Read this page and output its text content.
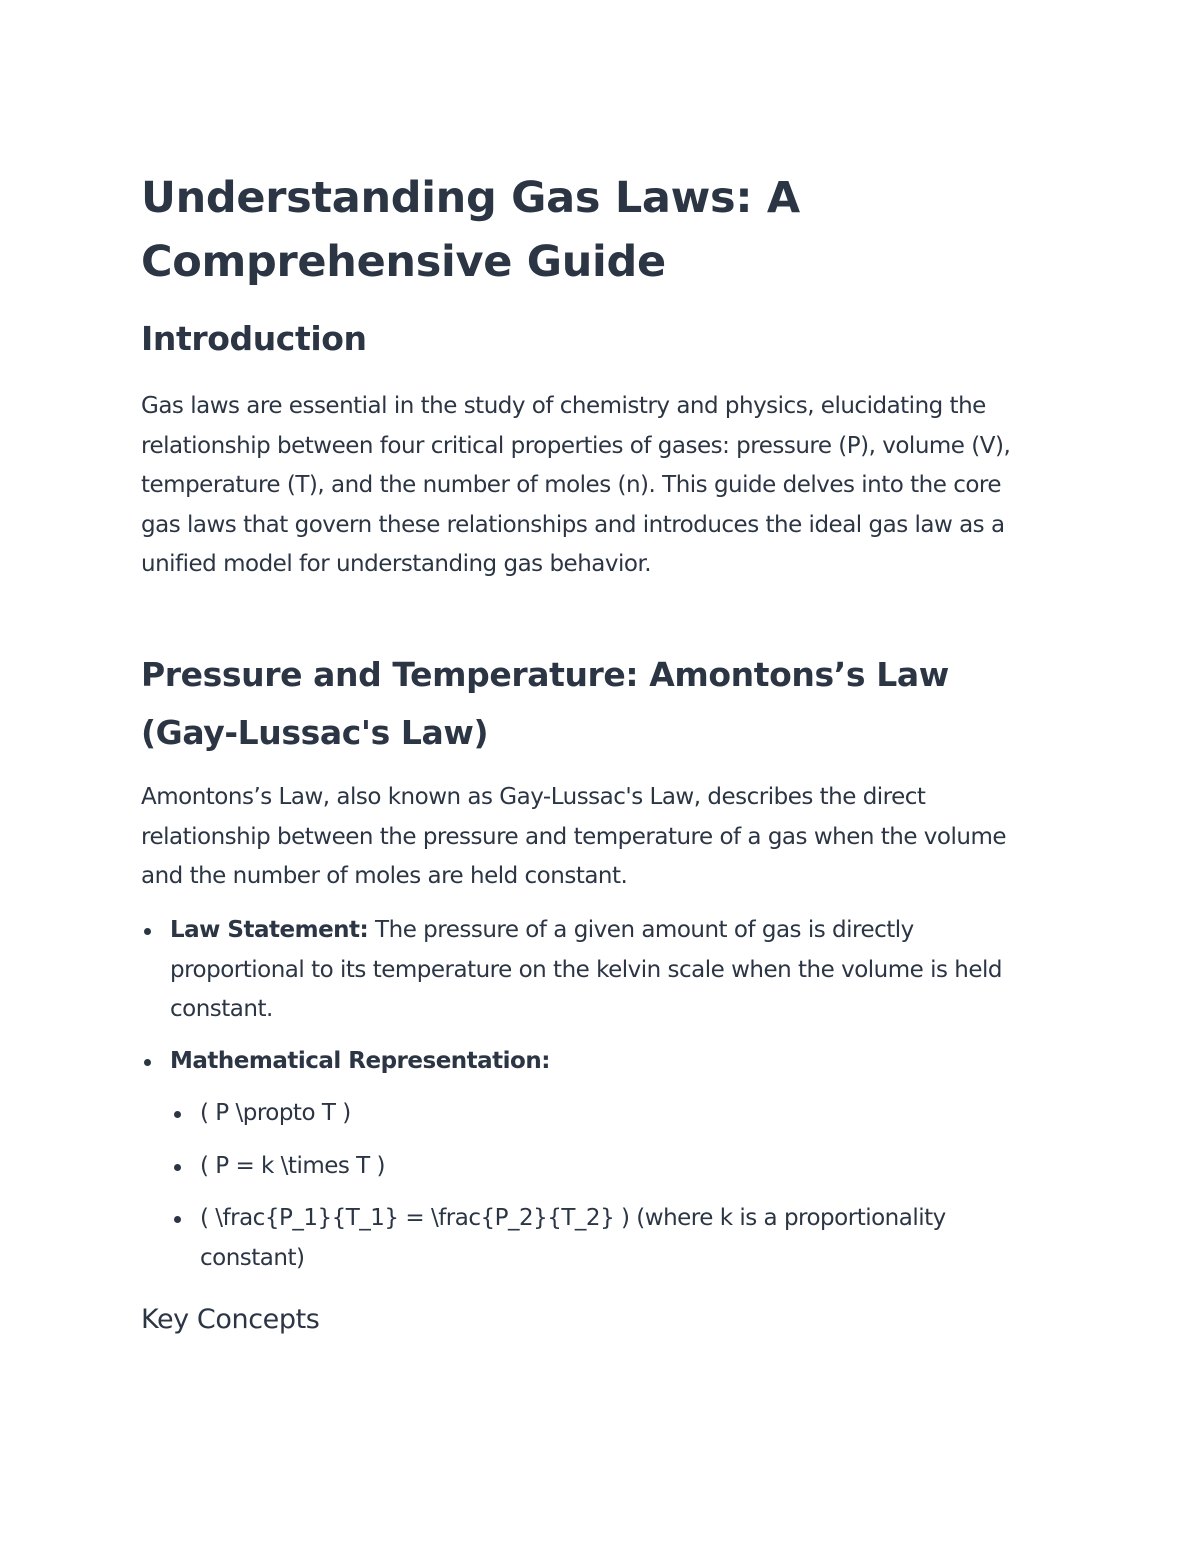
Understanding Gas Laws: A Comprehensive Guide
Introduction

Gas laws are essential in the study of chemistry and physics, elucidating the relationship between four critical properties of gases: pressure (P), volume (V), temperature (T), and the number of moles (n). This guide delves into the core gas laws that govern these relationships and introduces the ideal gas law as a unified model for understanding gas behavior.

Pressure and Temperature: Amontons’s Law (Gay-Lussac's Law)

Amontons’s Law, also known as Gay-Lussac's Law, describes the direct relationship between the pressure and temperature of a gas when the volume and the number of moles are held constant.

Law Statement: The pressure of a given amount of gas is directly proportional to its temperature on the kelvin scale when the volume is held constant.
Mathematical Representation:
( P \propto T )
( P = k \times T )
( \frac{P_1}{T_1} = \frac{P_2}{T_2} ) (where k is a proportionality constant)
Key Concepts
